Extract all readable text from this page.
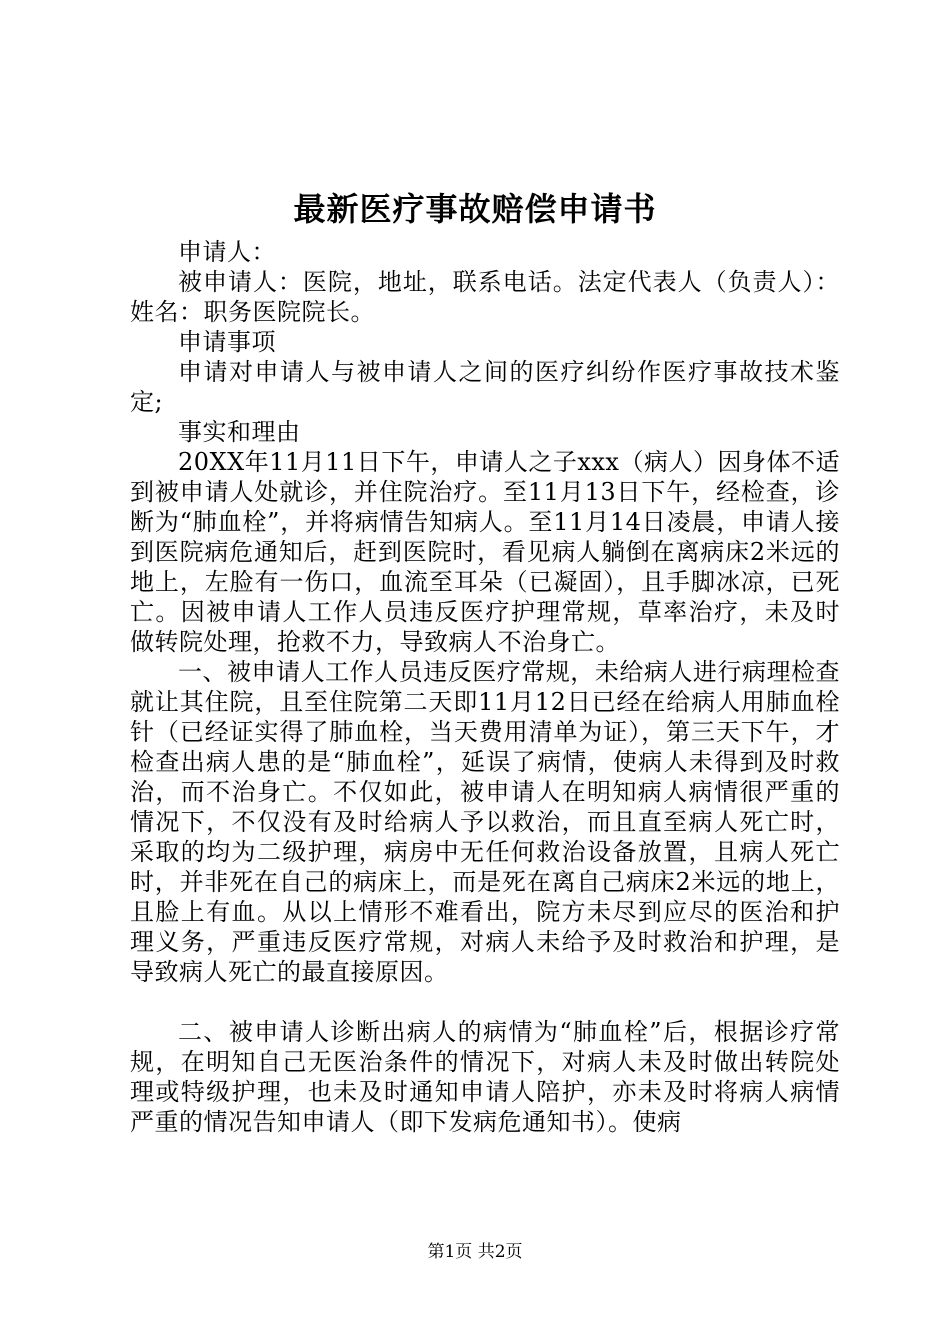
最新医疗事故赔偿申请书

申请人：

被申请人：医院，地址，联系电话。法定代表人（负责人）：姓名：职务医院院长。

申请事项

申请对申请人与被申请人之间的医疗纠纷作医疗事故技术鉴定;

事实和理由

20XX年11月11日下午，申请人之子xxx（病人）因身体不适到被申请人处就诊，并住院治疗。至11月13日下午，经检查，诊断为“肺血栓”，并将病情告知病人。至11月14日凌晨，申请人接到医院病危通知后，赶到医院时，看见病人躺倒在离病床2米远的地上，左脸有一伤口，血流至耳朵（已凝固），且手脚冰凉，已死亡。因被申请人工作人员违反医疗护理常规，草率治疗，未及时做转院处理，抢救不力，导致病人不治身亡。

一、被申请人工作人员违反医疗常规，未给病人进行病理检查就让其住院，且至住院第二天即11月12日已经在给病人用肺血栓针（已经证实得了肺血栓，当天费用清单为证），第三天下午，才检查出病人患的是“肺血栓”，延误了病情，使病人未得到及时救治，而不治身亡。不仅如此，被申请人在明知病人病情很严重的情况下，不仅没有及时给病人予以救治，而且直至病人死亡时，采取的均为二级护理，病房中无任何救治设备放置，且病人死亡时，并非死在自己的病床上，而是死在离自己病床2米远的地上，且脸上有血。从以上情形不难看出，院方未尽到应尽的医治和护理义务，严重违反医疗常规，对病人未给予及时救治和护理，是导致病人死亡的最直接原因。

二、被申请人诊断出病人的病情为“肺血栓”后，根据诊疗常规，在明知自己无医治条件的情况下，对病人未及时做出转院处理或特级护理，也未及时通知申请人陪护，亦未及时将病人病情严重的情况告知申请人（即下发病危通知书）。使病

第1页 共2页
